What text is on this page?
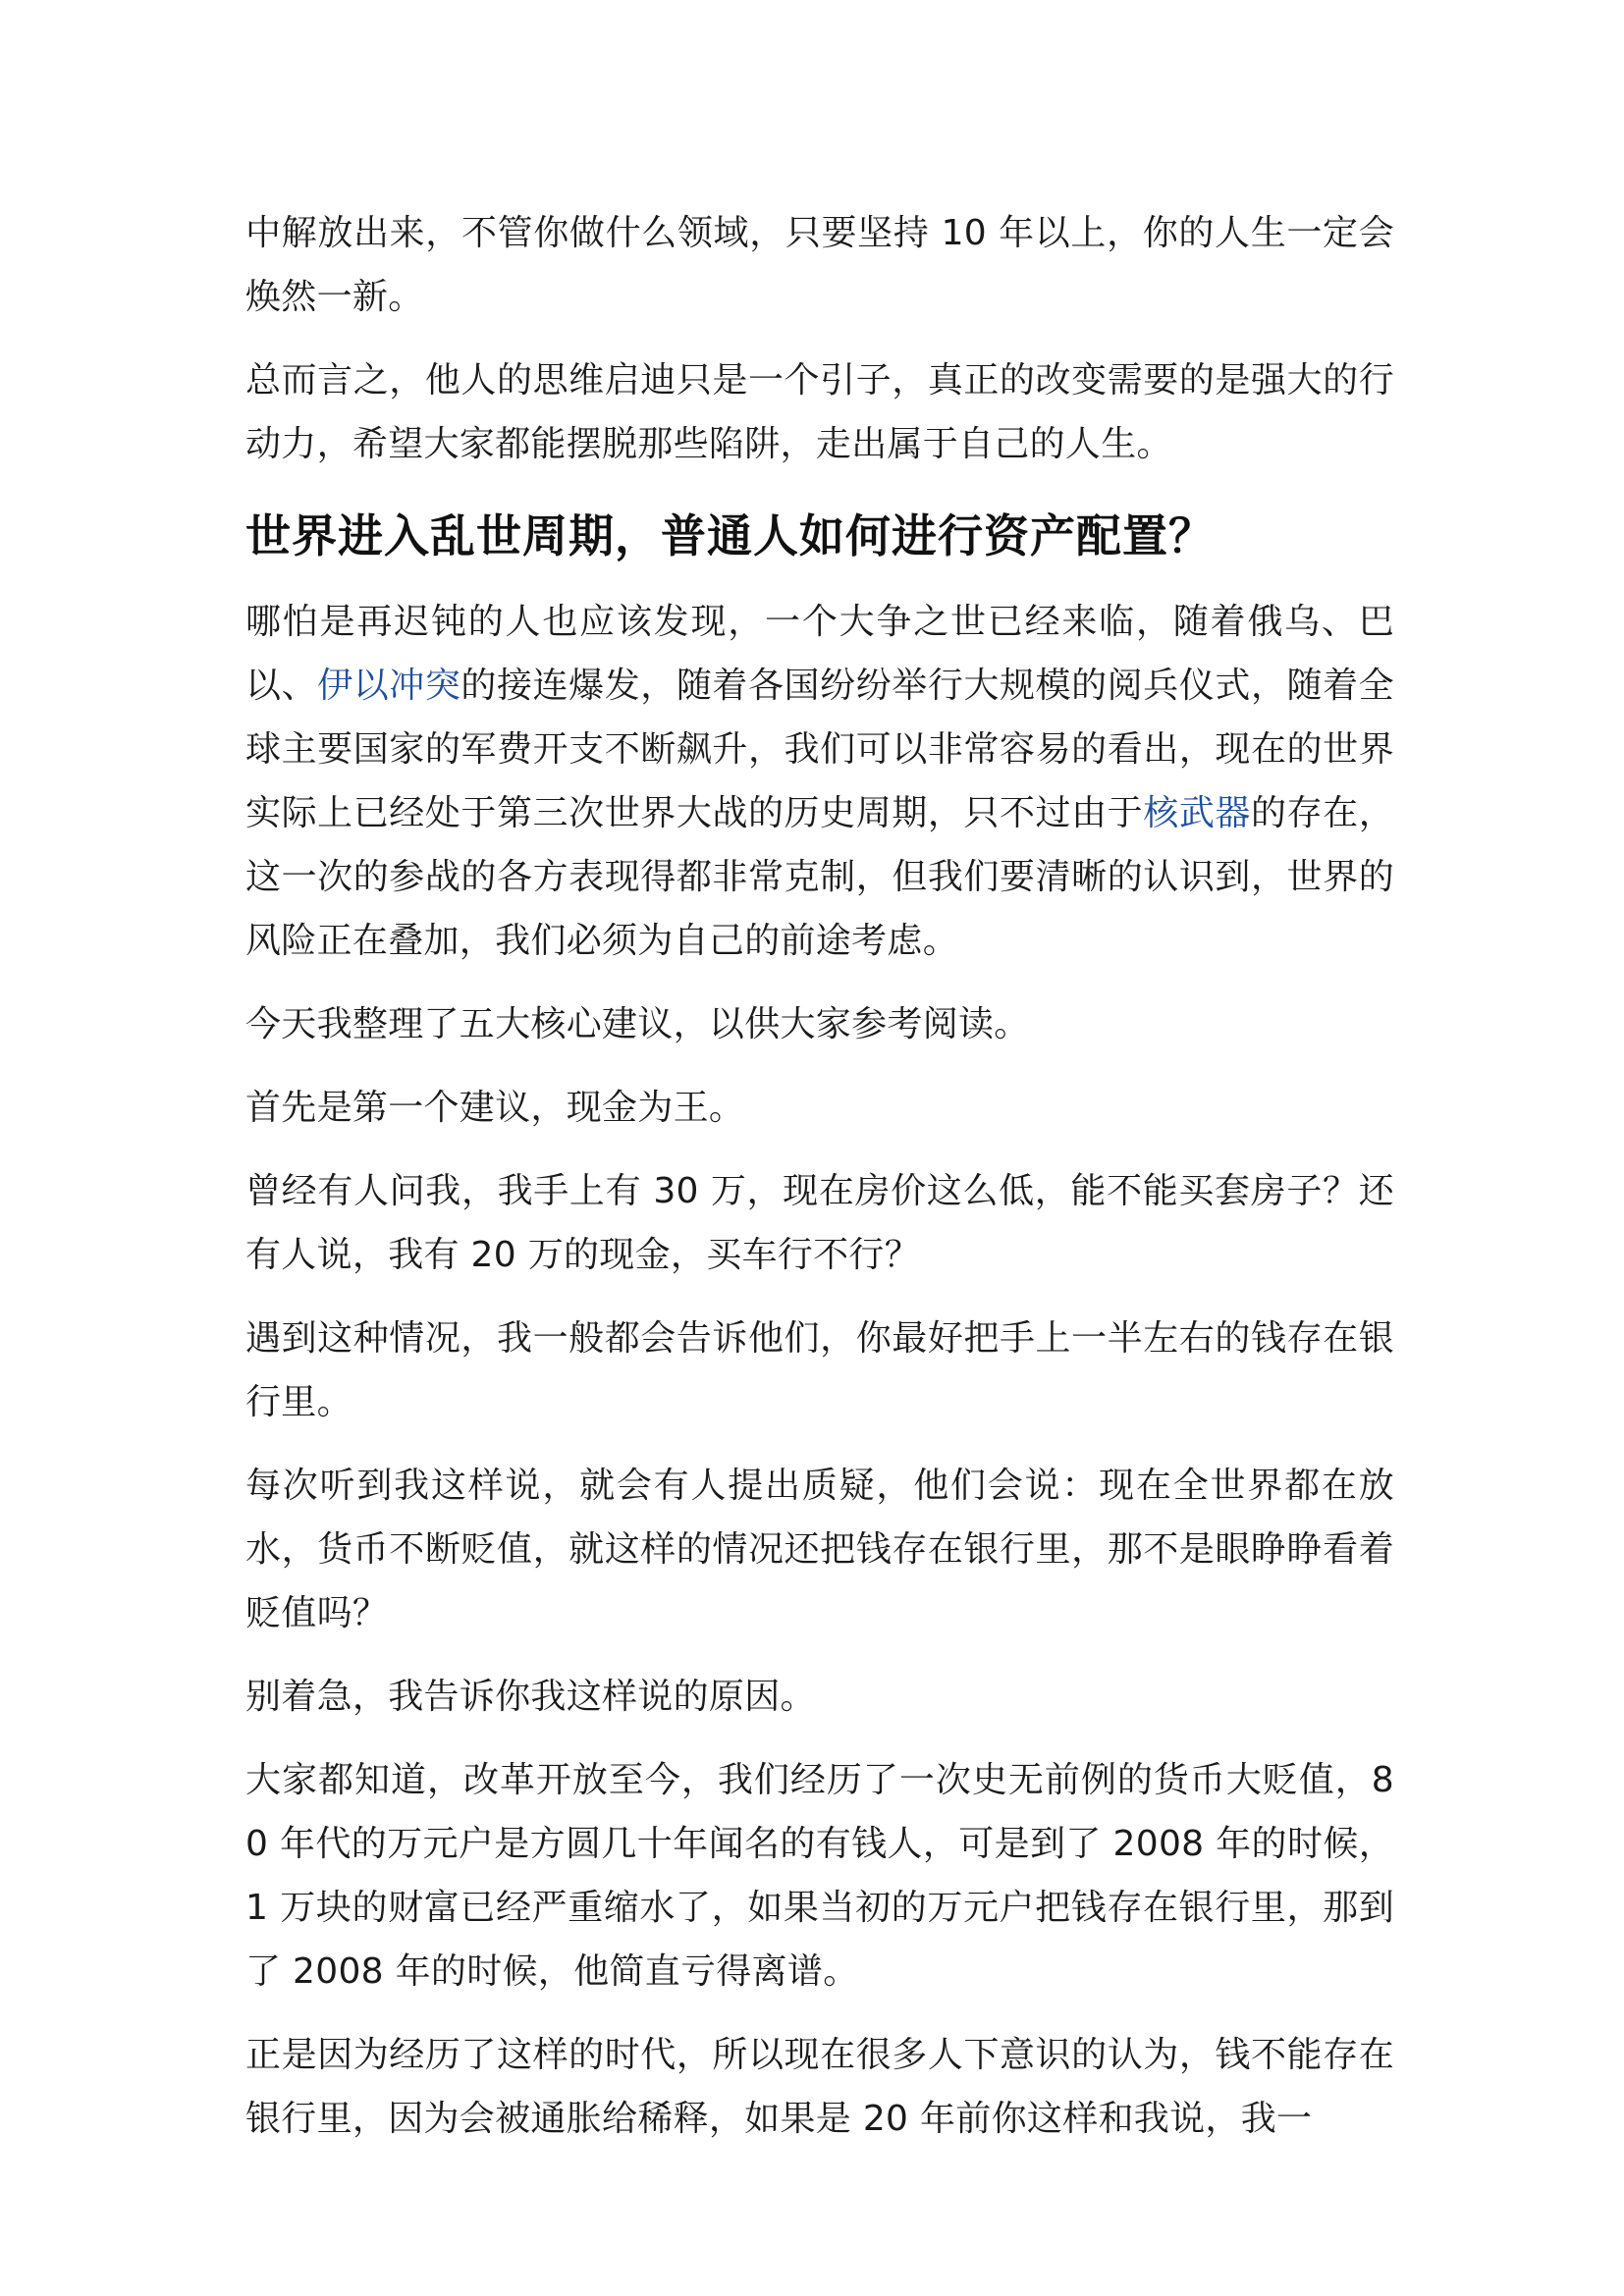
中解放出来，不管你做什么领域，只要坚持 10 年以上，你的人生一定会焕然一新。

总而言之，他人的思维启迪只是一个引子，真正的改变需要的是强大的行动力，希望大家都能摆脱那些陷阱，走出属于自己的人生。

世界进入乱世周期，普通人如何进行资产配置？

哪怕是再迟钝的人也应该发现，一个大争之世已经来临，随着俄乌、巴以、伊以冲突的接连爆发，随着各国纷纷举行大规模的阅兵仪式，随着全球主要国家的军费开支不断飙升，我们可以非常容易的看出，现在的世界实际上已经处于第三次世界大战的历史周期，只不过由于核武器的存在，这一次的参战的各方表现得都非常克制，但我们要清晰的认识到，世界的风险正在叠加，我们必须为自己的前途考虑。

今天我整理了五大核心建议，以供大家参考阅读。

首先是第一个建议，现金为王。

曾经有人问我，我手上有 30 万，现在房价这么低，能不能买套房子？还有人说，我有 20 万的现金，买车行不行？

遇到这种情况，我一般都会告诉他们，你最好把手上一半左右的钱存在银行里。

每次听到我这样说，就会有人提出质疑，他们会说：现在全世界都在放水，货币不断贬值，就这样的情况还把钱存在银行里，那不是眼睁睁看着贬值吗？

别着急，我告诉你我这样说的原因。

大家都知道，改革开放至今，我们经历了一次史无前例的货币大贬值，80 年代的万元户是方圆几十年闻名的有钱人，可是到了 2008 年的时候，1 万块的财富已经严重缩水了，如果当初的万元户把钱存在银行里，那到了 2008 年的时候，他简直亏得离谱。

正是因为经历了这样的时代，所以现在很多人下意识的认为，钱不能存在银行里，因为会被通胀给稀释，如果是 20 年前你这样和我说，我一
